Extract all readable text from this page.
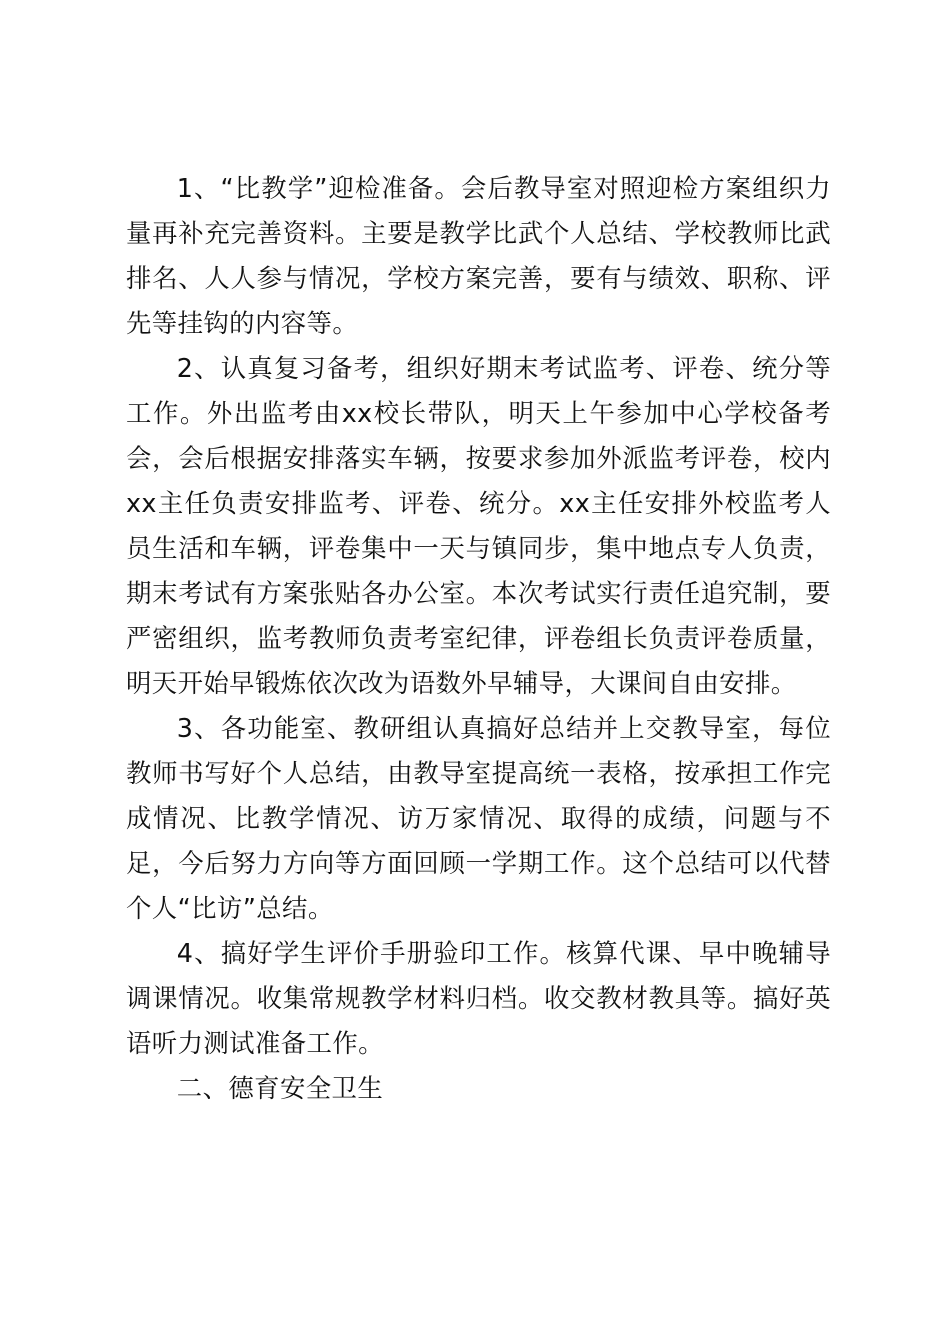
1、“比教学”迎检准备。会后教导室对照迎检方案组织力量再补充完善资料。主要是教学比武个人总结、学校教师比武排名、人人参与情况，学校方案完善，要有与绩效、职称、评先等挂钩的内容等。

2、认真复习备考，组织好期末考试监考、评卷、统分等工作。外出监考由xx校长带队，明天上午参加中心学校备考会，会后根据安排落实车辆，按要求参加外派监考评卷，校内xx主任负责安排监考、评卷、统分。xx主任安排外校监考人员生活和车辆，评卷集中一天与镇同步，集中地点专人负责，期末考试有方案张贴各办公室。本次考试实行责任追究制，要严密组织，监考教师负责考室纪律，评卷组长负责评卷质量，明天开始早锻炼依次改为语数外早辅导，大课间自由安排。

3、各功能室、教研组认真搞好总结并上交教导室，每位教师书写好个人总结，由教导室提高统一表格，按承担工作完成情况、比教学情况、访万家情况、取得的成绩，问题与不足，今后努力方向等方面回顾一学期工作。这个总结可以代替个人“比访”总结。

4、搞好学生评价手册验印工作。核算代课、早中晚辅导调课情况。收集常规教学材料归档。收交教材教具等。搞好英语听力测试准备工作。

二、德育安全卫生
